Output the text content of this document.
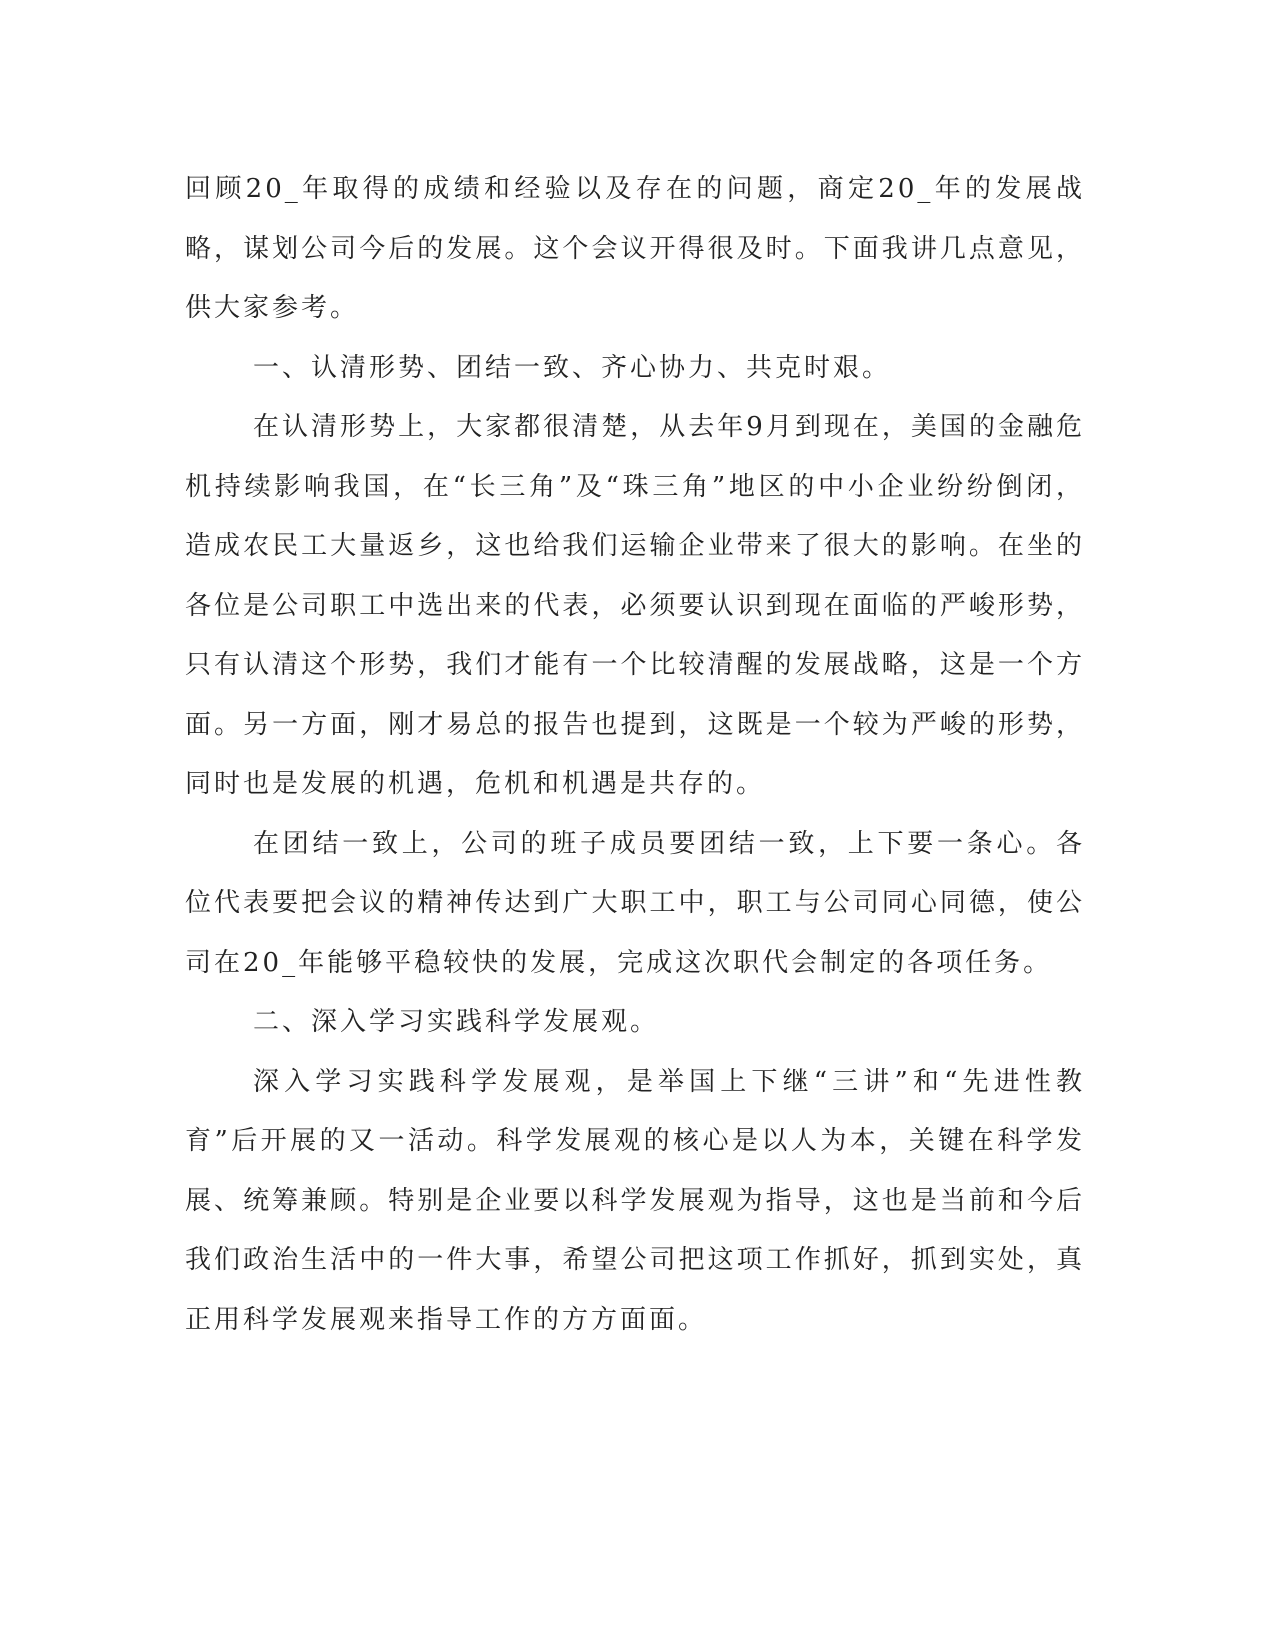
回顾20_年取得的成绩和经验以及存在的问题，商定20_年的发展战略，谋划公司今后的发展。这个会议开得很及时。下面我讲几点意见，供大家参考。

一、认清形势、团结一致、齐心协力、共克时艰。

在认清形势上，大家都很清楚，从去年9月到现在，美国的金融危机持续影响我国，在“长三角”及“珠三角”地区的中小企业纷纷倒闭，造成农民工大量返乡，这也给我们运输企业带来了很大的影响。在坐的各位是公司职工中选出来的代表，必须要认识到现在面临的严峻形势，只有认清这个形势，我们才能有一个比较清醒的发展战略，这是一个方面。另一方面，刚才易总的报告也提到，这既是一个较为严峻的形势，同时也是发展的机遇，危机和机遇是共存的。

在团结一致上，公司的班子成员要团结一致，上下要一条心。各位代表要把会议的精神传达到广大职工中，职工与公司同心同德，使公司在20_年能够平稳较快的发展，完成这次职代会制定的各项任务。

二、深入学习实践科学发展观。

深入学习实践科学发展观，是举国上下继“三讲”和“先进性教育”后开展的又一活动。科学发展观的核心是以人为本，关键在科学发展、统筹兼顾。特别是企业要以科学发展观为指导，这也是当前和今后我们政治生活中的一件大事，希望公司把这项工作抓好，抓到实处，真正用科学发展观来指导工作的方方面面。
